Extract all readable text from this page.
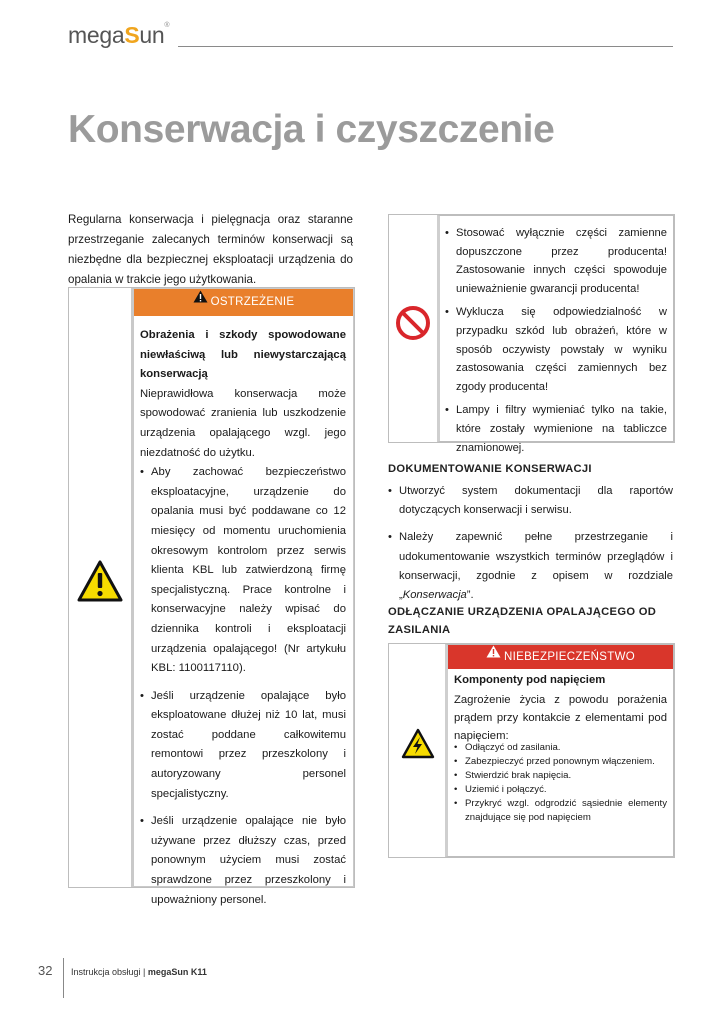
megaSun®
Konserwacja i czyszczenie
Regularna konserwacja i pielęgnacja oraz staranne przestrzeganie zalecanych terminów konserwacji są niezbędne dla bezpiecznej eksploatacji urządzenia do opalania w trakcie jego użytkowania.
OSTRZEŻENIE
Obrażenia i szkody spowodowane niewłaściwą lub niewystarczającą konserwacją
Nieprawidłowa konserwacja może spowodować zranienia lub uszkodzenie urządzenia opalającego wzgl. jego niezdatność do użytku.
• Aby zachować bezpieczeństwo eksploatacyjne, urządzenie do opalania musi być poddawane co 12 miesięcy od momentu uruchomienia okresowym kontrolom przez serwis klienta KBL lub zatwierdzoną firmę specjalistyczną. Prace kontrolne i konserwacyjne należy wpisać do dziennika kontroli i eksploatacji urządzenia opalającego! (Nr artykułu KBL: 1100117110).
• Jeśli urządzenie opalające było eksploatowane dłużej niż 10 lat, musi zostać poddane całkowitemu remontowi przez przeszkolony i autoryzowany personel specjalistyczny.
• Jeśli urządzenie opalające nie było używane przez dłuższy czas, przed ponownym użyciem musi zostać sprawdzone przez przeszkolony i upoważniony personel.
• Stosować wyłącznie części zamienne dopuszczone przez producenta! Zastosowanie innych części spowoduje unieważnienie gwarancji producenta!
• Wyklucza się odpowiedzialność w przypadku szkód lub obrażeń, które w sposób oczywisty powstały w wyniku zastosowania części zamiennych bez zgody producenta!
• Lampy i filtry wymieniać tylko na takie, które zostały wymienione na tabliczce znamionowej.
DOKUMENTOWANIE KONSERWACJI
• Utworzyć system dokumentacji dla raportów dotyczących konserwacji i serwisu.
• Należy zapewnić pełne przestrzeganie i udokumentowanie wszystkich terminów przeglądów i konserwacji, zgodnie z opisem w rozdziale „Konserwacja”.
ODŁĄCZANIE URZĄDZENIA OPALAJĄCEGO OD ZASILANIA
NIEBEZPIECZEŃSTWO
Komponenty pod napięciem
Zagrożenie życia z powodu porażenia prądem przy kontakcie z elementami pod napięciem:
• Odłączyć od zasilania.
• Zabezpieczyć przed ponownym włączeniem.
• Stwierdzić brak napięcia.
• Uziemić i połączyć.
• Przykryć wzgl. odgrodzić sąsiednie elementy znajdujące się pod napięciem
32 Instrukcja obsługi | megaSun K11
